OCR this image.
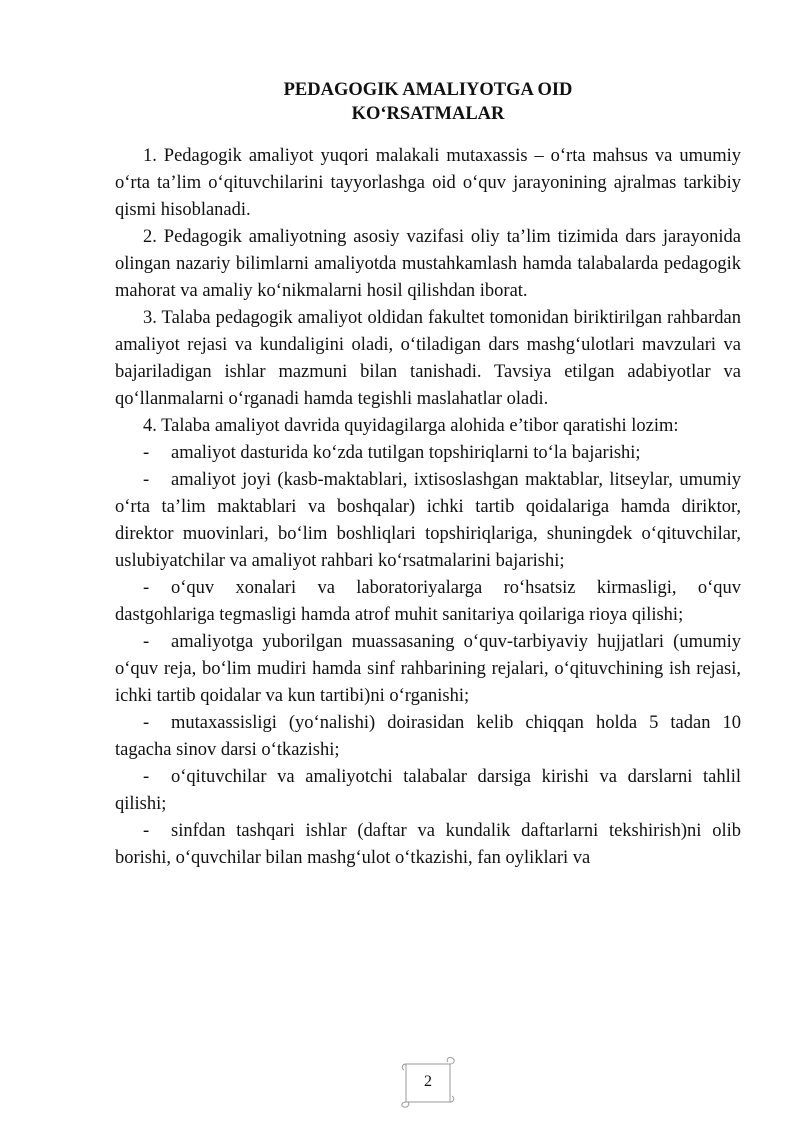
PEDAGOGIK AMALIYOTGA OID
KO‘RSATMALAR

1. Pedagogik amaliyot yuqori malakali mutaxassis – o‘rta mahsus va umumiy o‘rta ta’lim o‘qituvchilarini tayyorlashga oid o‘quv jarayonining ajralmas tarkibiy qismi hisoblanadi.

2. Pedagogik amaliyotning asosiy vazifasi oliy ta’lim tizimida dars jarayonida olingan nazariy bilimlarni amaliyotda mustahkamlash hamda talabalarda pedagogik mahorat va amaliy ko‘nikmalarni hosil qilishdan iborat.

3. Talaba pedagogik amaliyot oldidan fakultet tomonidan biriktirilgan rahbardan amaliyot rejasi va kundaligini oladi, o‘tiladigan dars mashg‘ulotlari mavzulari va bajariladigan ishlar mazmuni bilan tanishadi. Tavsiya etilgan adabiyotlar va qo‘llanmalarni o‘rganadi hamda tegishli maslahatlar oladi.

4. Talaba amaliyot davrida quyidagilarga alohida e’tibor qaratishi lozim:

- amaliyot dasturida ko‘zda tutilgan topshiriqlarni to‘la bajarishi;

- amaliyot joyi (kasb-maktablari, ixtisoslashgan maktablar, litseylar, umumiy o‘rta ta’lim maktablari va boshqalar) ichki tartib qoidalariga hamda diriktor, direktor muovinlari, bo‘lim boshliqlari topshiriqlariga, shuningdek o‘qituvchilar, uslubiyatchilar va amaliyot rahbari ko‘rsatmalarini bajarishi;

- o‘quv xonalari va laboratoriyalarga ro‘hsatsiz kirmasligi, o‘quv dastgohlariga tegmasligi hamda atrof muhit sanitariya qoilariga rioya qilishi;

- amaliyotga yuborilgan muassasaning o‘quv-tarbiyaviy hujjatlari (umumiy o‘quv reja, bo‘lim mudiri hamda sinf rahbarining rejalari, o‘qituvchining ish rejasi, ichki tartib qoidalar va kun tartibi)ni o‘rganishi;

- mutaxassisligi (yo‘nalishi) doirasidan kelib chiqqan holda 5 tadan 10 tagacha sinov darsi o‘tkazishi;

- o‘qituvchilar va amaliyotchi talabalar darsiga kirishi va darslarni tahlil qilishi;

- sinfdan tashqari ishlar (daftar va kundalik daftarlarni tekshirish)ni olib borishi, o‘quvchilar bilan mashg‘ulot o‘tkazishi, fan oyliklari va

2
